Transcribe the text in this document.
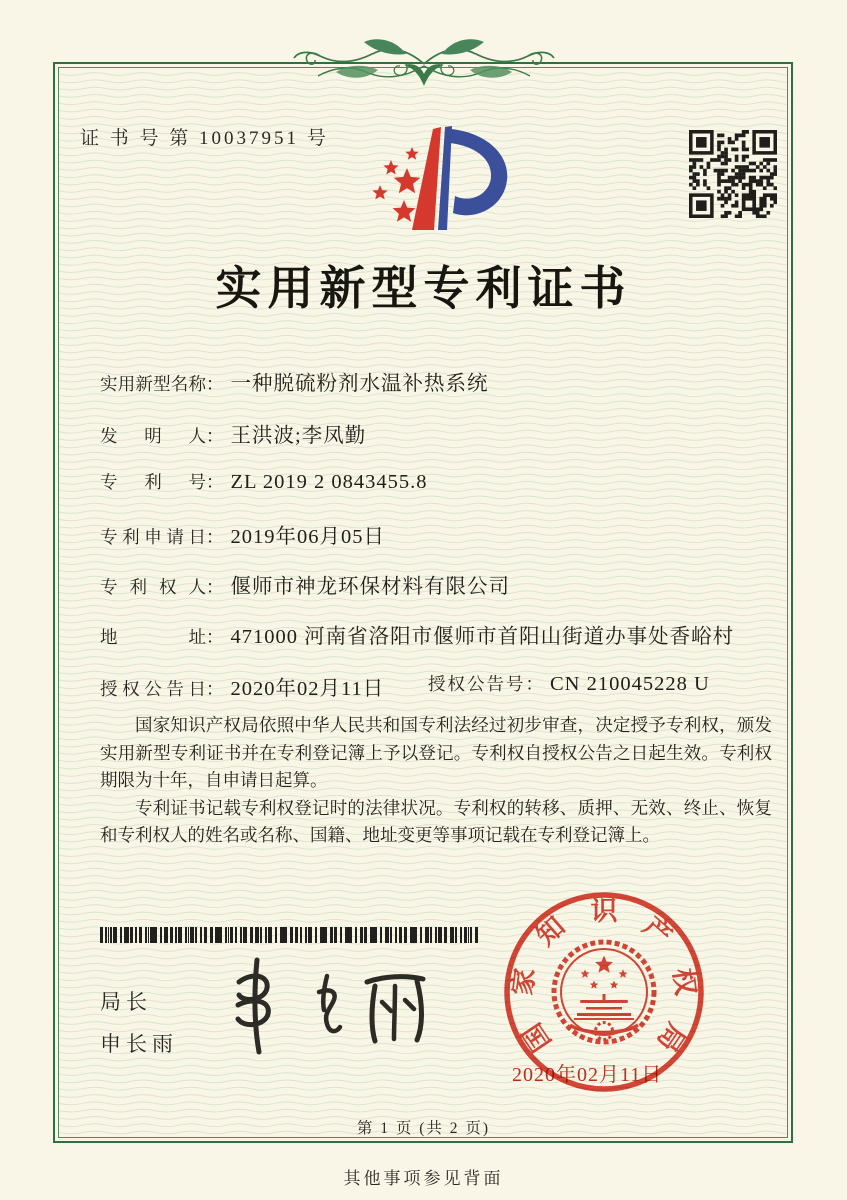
证 书 号 第 10037951 号
实用新型专利证书
实用新型名称： 一种脱硫粉剂水温补热系统
发明人： 王洪波;李凤勤
专利号： ZL 2019 2 0843455.8
专利申请日： 2019年06月05日
专利权人： 偃师市神龙环保材料有限公司
地址： 471000 河南省洛阳市偃师市首阳山街道办事处香峪村
授权公告日： 2020年02月11日	授权公告号： CN 210045228 U

国家知识产权局依照中华人民共和国专利法经过初步审查，决定授予专利权，颁发实用新型专利证书并在专利登记簿上予以登记。专利权自授权公告之日起生效。专利权期限为十年，自申请日起算。

专利证书记载专利权登记时的法律状况。专利权的转移、质押、无效、终止、恢复和专利权人的姓名或名称、国籍、地址变更等事项记载在专利登记簿上。

局长
申长雨	国
家
知 识 产
权
局
2020年02月11日
第 1 页 (共 2 页)
其他事项参见背面
